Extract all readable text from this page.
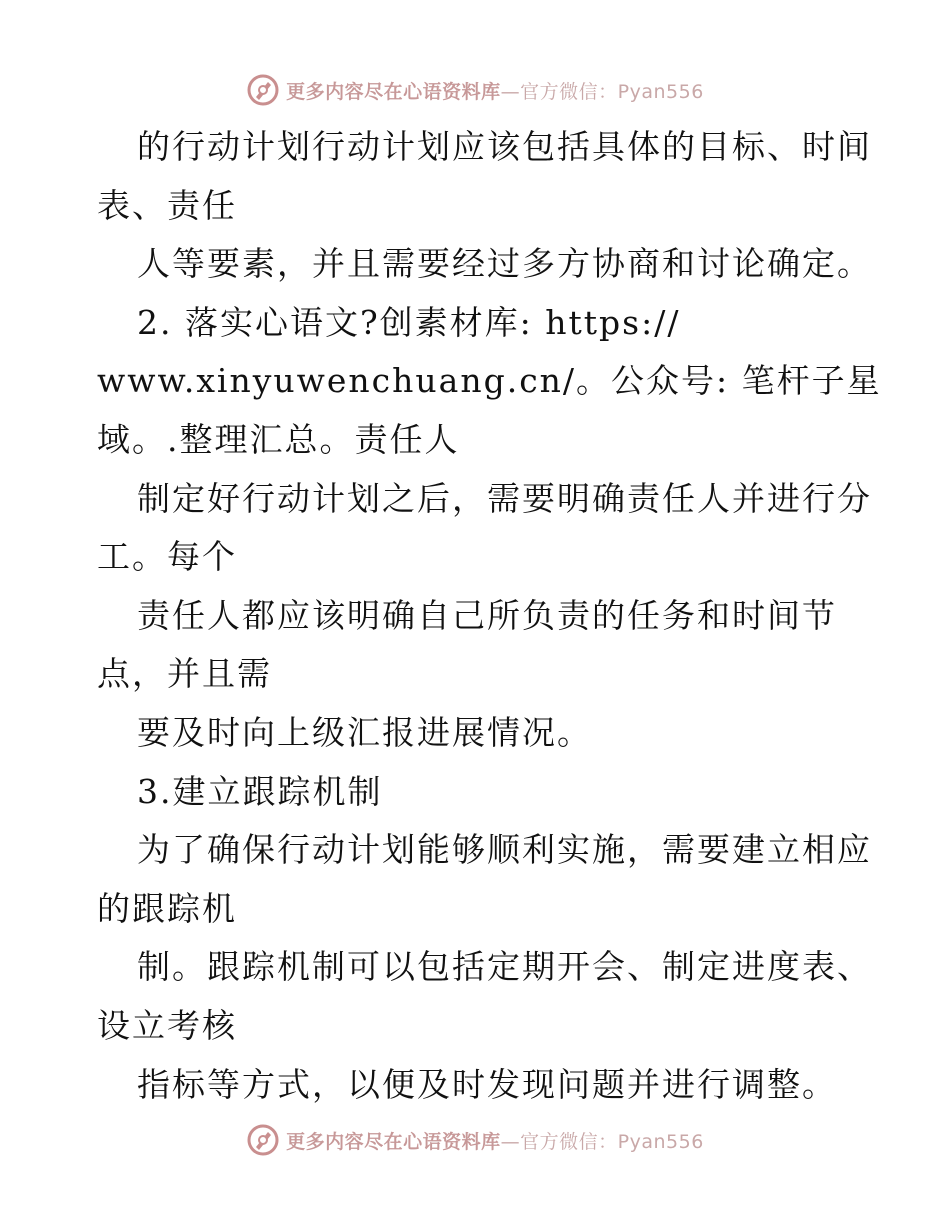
更多内容尽在心语资料库—官方微信：Pyan556
的行动计划行动计划应该包括具体的目标、时间
表、责任
人等要素，并且需要经过多方协商和讨论确定。
2. 落实心语文?创素材库: https://
www.xinyuwenchuang.cn/。公众号: 笔杆子星
域。.整理汇总。责任人
制定好行动计划之后，需要明确责任人并进行分
工。每个
责任人都应该明确自己所负责的任务和时间节
点，并且需
要及时向上级汇报进展情况。
3.建立跟踪机制
为了确保行动计划能够顺利实施，需要建立相应
的跟踪机
制。跟踪机制可以包括定期开会、制定进度表、
设立考核
指标等方式，以便及时发现问题并进行调整。
更多内容尽在心语资料库—官方微信：Pyan556
